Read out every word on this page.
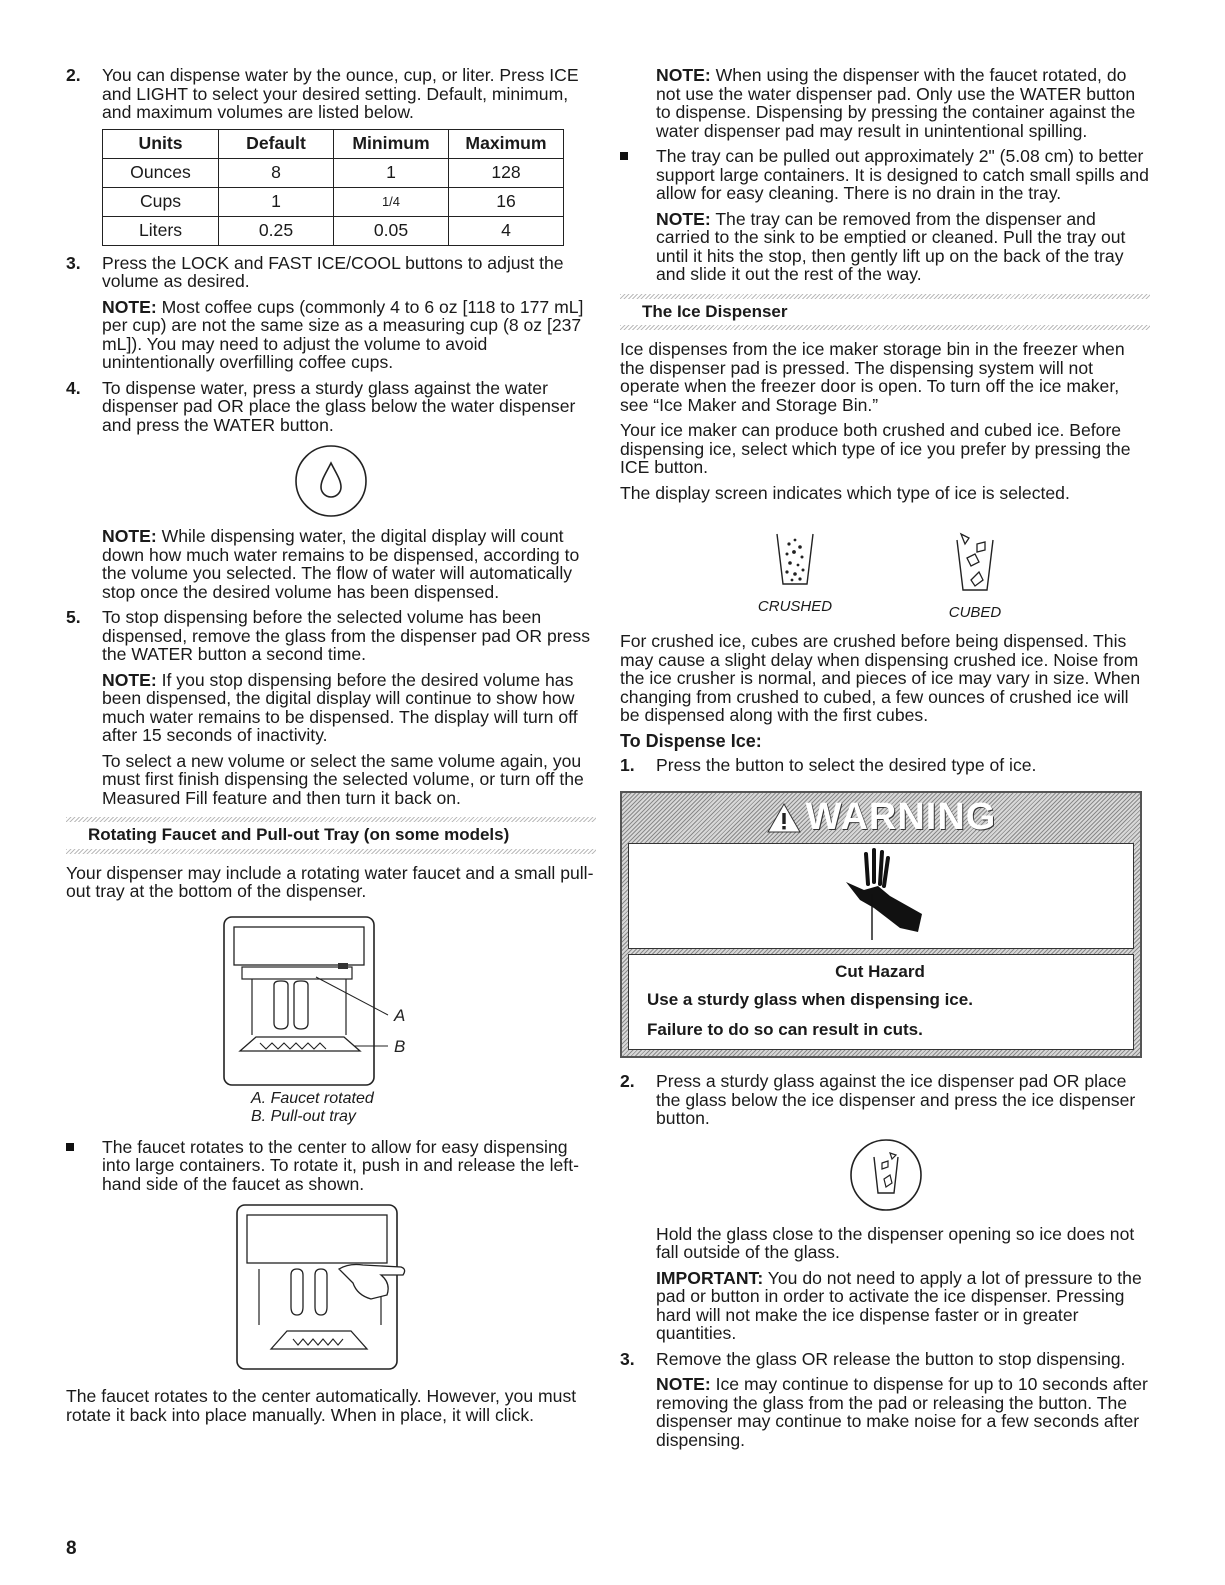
2. You can dispense water by the ounce, cup, or liter. Press ICE and LIGHT to select your desired setting. Default, minimum, and maximum volumes are listed below.

Units	Default	Minimum	Maximum
Ounces	8	1	128
Cups	1	1/4	16
Liters	0.25	0.05	4
3. Press the LOCK and FAST ICE/COOL buttons to adjust the volume as desired.

NOTE: Most coffee cups (commonly 4 to 6 oz [118 to 177 mL] per cup) are not the same size as a measuring cup (8 oz [237 mL]). You may need to adjust the volume to avoid unintentionally overfilling coffee cups.

4. To dispense water, press a sturdy glass against the water dispenser pad OR place the glass below the water dispenser and press the WATER button.

NOTE: While dispensing water, the digital display will count down how much water remains to be dispensed, according to the volume you selected. The flow of water will automatically stop once the desired volume has been dispensed.

5. To stop dispensing before the selected volume has been dispensed, remove the glass from the dispenser pad OR press the WATER button a second time.

NOTE: If you stop dispensing before the desired volume has been dispensed, the digital display will continue to show how much water remains to be dispensed. The display will turn off after 15 seconds of inactivity.

To select a new volume or select the same volume again, you must first finish dispensing the selected volume, or turn off the Measured Fill feature and then turn it back on.

Rotating Faucet and Pull-out Tray (on some models)

Your dispenser may include a rotating water faucet and a small pull-out tray at the bottom of the dispenser.

A
B
A. Faucet rotated
B. Pull-out tray

The faucet rotates to the center to allow for easy dispensing into large containers. To rotate it, push in and release the left-hand side of the faucet as shown.

The faucet rotates to the center automatically. However, you must rotate it back into place manually. When in place, it will click.

NOTE: When using the dispenser with the faucet rotated, do not use the water dispenser pad. Only use the WATER button to dispense. Dispensing by pressing the container against the water dispenser pad may result in unintentional spilling.

The tray can be pulled out approximately 2" (5.08 cm) to better support large containers. It is designed to catch small spills and allow for easy cleaning. There is no drain in the tray.

NOTE: The tray can be removed from the dispenser and carried to the sink to be emptied or cleaned. Pull the tray out until it hits the stop, then gently lift up on the back of the tray and slide it out the rest of the way.

The Ice Dispenser

Ice dispenses from the ice maker storage bin in the freezer when the dispenser pad is pressed. The dispensing system will not operate when the freezer door is open. To turn off the ice maker, see “Ice Maker and Storage Bin.”

Your ice maker can produce both crushed and cubed ice. Before dispensing ice, select which type of ice you prefer by pressing the ICE button.

The display screen indicates which type of ice is selected.

CRUSHED	CUBED

For crushed ice, cubes are crushed before being dispensed. This may cause a slight delay when dispensing crushed ice. Noise from the ice crusher is normal, and pieces of ice may vary in size. When changing from crushed to cubed, a few ounces of crushed ice will be dispensed along with the first cubes.

To Dispense Ice:
1. Press the button to select the desired type of ice.

WARNING
Cut Hazard
Use a sturdy glass when dispensing ice.
Failure to do so can result in cuts.
2. Press a sturdy glass against the ice dispenser pad OR place the glass below the ice dispenser and press the ice dispenser button.

Hold the glass close to the dispenser opening so ice does not fall outside of the glass.

IMPORTANT: You do not need to apply a lot of pressure to the pad or button in order to activate the ice dispenser. Pressing hard will not make the ice dispense faster or in greater quantities.

3. Remove the glass OR release the button to stop dispensing.

NOTE: Ice may continue to dispense for up to 10 seconds after removing the glass from the pad or releasing the button. The dispenser may continue to make noise for a few seconds after dispensing.

8
